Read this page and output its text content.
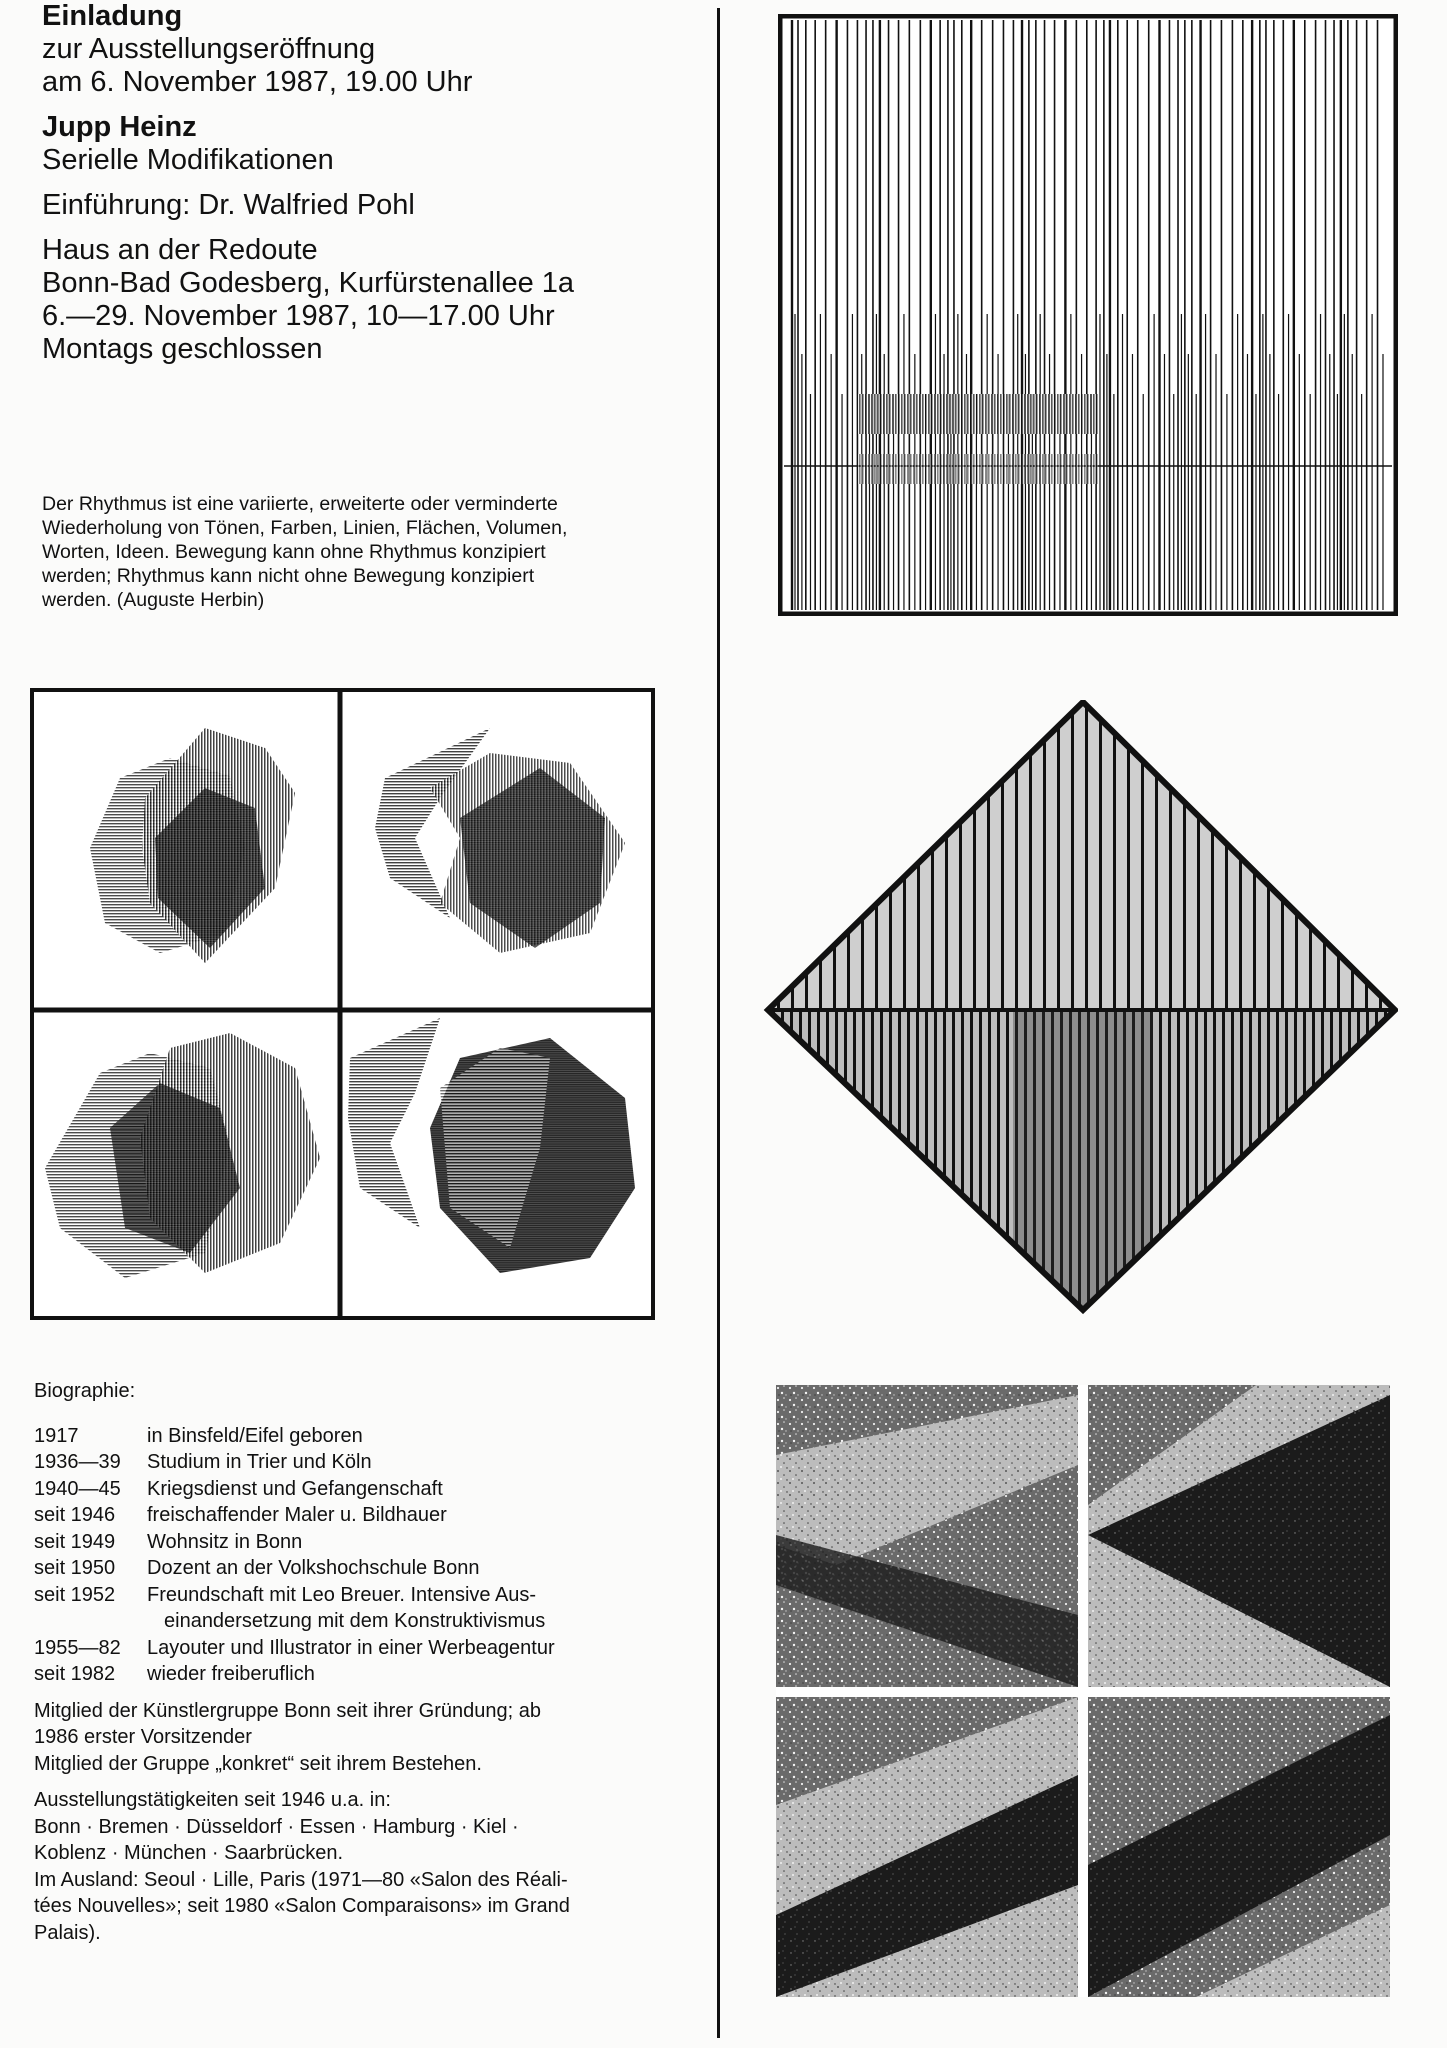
Einladung
zur Ausstellungseröffnung
am 6. November 1987, 19.00 Uhr
Jupp Heinz
Serielle Modifikationen
Einführung: Dr. Walfried Pohl
Haus an der Redoute
Bonn-Bad Godesberg, Kurfürstenallee 1a
6.—29. November 1987, 10—17.00 Uhr
Montags geschlossen
Der Rhythmus ist eine variierte, erweiterte oder verminderte
Wiederholung von Tönen, Farben, Linien, Flächen, Volumen,
Worten, Ideen. Bewegung kann ohne Rhythmus konzipiert
werden; Rhythmus kann nicht ohne Bewegung konzipiert
werden. (Auguste Herbin)
Biographie:
1917	in Binsfeld/Eifel geboren
1936—39	Studium in Trier und Köln
1940—45	Kriegsdienst und Gefangenschaft
seit 1946	freischaffender Maler u. Bildhauer
seit 1949	Wohnsitz in Bonn
seit 1950	Dozent an der Volkshochschule Bonn
seit 1952	Freundschaft mit Leo Breuer. Intensive Aus-
einandersetzung mit dem Konstruktivismus
1955—82	Layouter und Illustrator in einer Werbeagentur
seit 1982	wieder freiberuflich
Mitglied der Künstlergruppe Bonn seit ihrer Gründung; ab
1986 erster Vorsitzender
Mitglied der Gruppe „konkret“ seit ihrem Bestehen.
Ausstellungstätigkeiten seit 1946 u.a. in:
Bonn · Bremen · Düsseldorf · Essen · Hamburg · Kiel ·
Koblenz · München · Saarbrücken.
Im Ausland: Seoul · Lille, Paris (1971—80 «Salon des Réali-
tées Nouvelles»; seit 1980 «Salon Comparaisons» im Grand
Palais).
